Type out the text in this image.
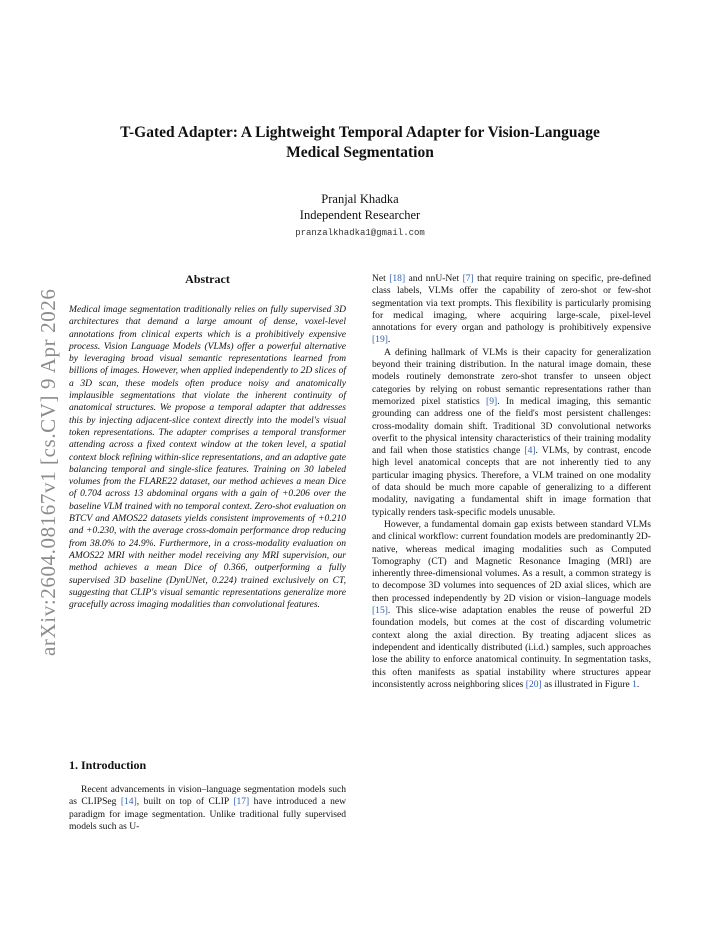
arXiv:2604.08167v1 [cs.CV] 9 Apr 2026
T-Gated Adapter: A Lightweight Temporal Adapter for Vision-Language
Medical Segmentation
Pranjal Khadka
Independent Researcher
pranzalkhadka1@gmail.com
Abstract

Medical image segmentation traditionally relies on fully supervised 3D architectures that demand a large amount of dense, voxel-level annotations from clinical experts which is a prohibitively expensive process. Vision Language Models (VLMs) offer a powerful alternative by leveraging broad visual semantic representations learned from billions of images. However, when applied independently to 2D slices of a 3D scan, these models often produce noisy and anatomically implausible segmentations that violate the inherent continuity of anatomical structures. We propose a temporal adapter that addresses this by injecting adjacent-slice context directly into the model's visual token representations. The adapter comprises a temporal transformer attending across a fixed context window at the token level, a spatial context block refining within-slice representations, and an adaptive gate balancing temporal and single-slice features. Training on 30 labeled volumes from the FLARE22 dataset, our method achieves a mean Dice of 0.704 across 13 abdominal organs with a gain of +0.206 over the baseline VLM trained with no temporal context. Zero-shot evaluation on BTCV and AMOS22 datasets yields consistent improvements of +0.210 and +0.230, with the average cross-domain performance drop reducing from 38.0% to 24.9%. Furthermore, in a cross-modality evaluation on AMOS22 MRI with neither model receiving any MRI supervision, our method achieves a mean Dice of 0.366, outperforming a fully supervised 3D baseline (DynUNet, 0.224) trained exclusively on CT, suggesting that CLIP's visual semantic representations generalize more gracefully across imaging modalities than convolutional features.

1. Introduction

Recent advancements in vision–language segmentation models such as CLIPSeg [14], built on top of CLIP [17] have introduced a new paradigm for image segmentation. Unlike traditional fully supervised models such as U-

Net [18] and nnU-Net [7] that require training on specific, pre-defined class labels, VLMs offer the capability of zero-shot or few-shot segmentation via text prompts. This flexibility is particularly promising for medical imaging, where acquiring large-scale, pixel-level annotations for every organ and pathology is prohibitively expensive [19].

A defining hallmark of VLMs is their capacity for generalization beyond their training distribution. In the natural image domain, these models routinely demonstrate zero-shot transfer to unseen object categories by relying on robust semantic representations rather than memorized pixel statistics [9]. In medical imaging, this semantic grounding can address one of the field's most persistent challenges: cross-modality domain shift. Traditional 3D convolutional networks overfit to the physical intensity characteristics of their training modality and fail when those statistics change [4]. VLMs, by contrast, encode high level anatomical concepts that are not inherently tied to any particular imaging physics. Therefore, a VLM trained on one modality of data should be much more capable of generalizing to a different modality, navigating a fundamental shift in image formation that typically renders task-specific models unusable.

However, a fundamental domain gap exists between standard VLMs and clinical workflow: current foundation models are predominantly 2D-native, whereas medical imaging modalities such as Computed Tomography (CT) and Magnetic Resonance Imaging (MRI) are inherently three-dimensional volumes. As a result, a common strategy is to decompose 3D volumes into sequences of 2D axial slices, which are then processed independently by 2D vision or vision–language models [15]. This slice-wise adaptation enables the reuse of powerful 2D foundation models, but comes at the cost of discarding volumetric context along the axial direction. By treating adjacent slices as independent and identically distributed (i.i.d.) samples, such approaches lose the ability to enforce anatomical continuity. In segmentation tasks, this often manifests as spatial instability where structures appear inconsistently across neighboring slices [20] as illustrated in Figure 1.
